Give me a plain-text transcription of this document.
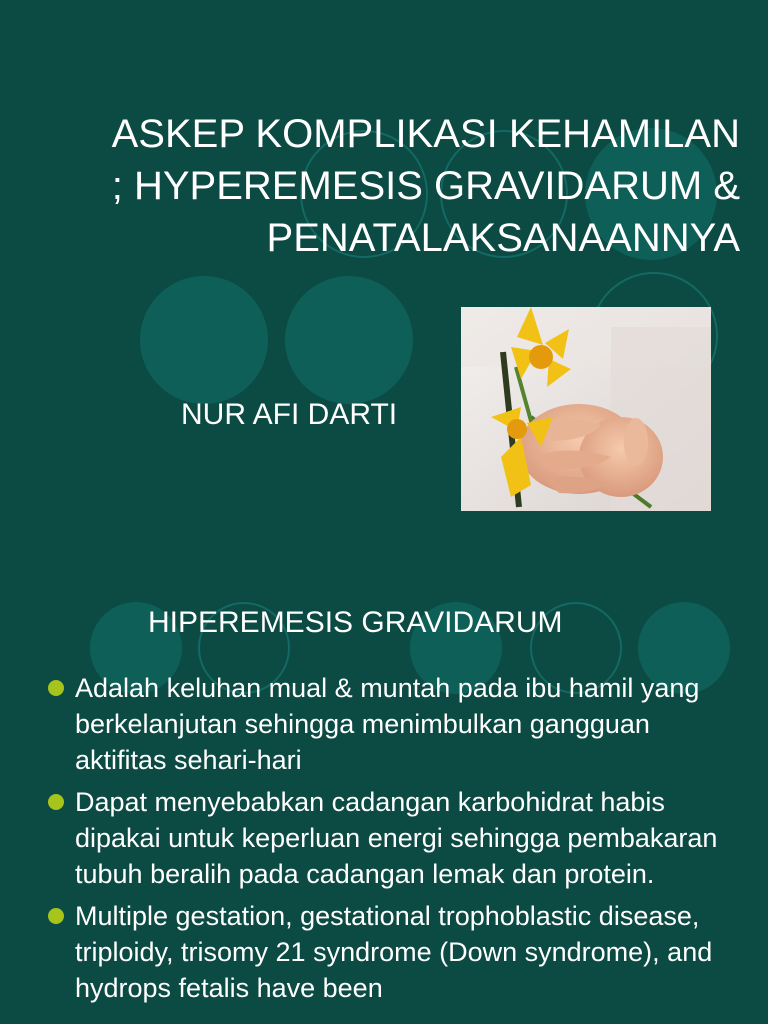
ASKEP KOMPLIKASI KEHAMILAN
; HYPEREMESIS GRAVIDARUM &
PENATALAKSANAANNYA
NUR AFI DARTI
HIPEREMESIS GRAVIDARUM
Adalah keluhan mual & muntah pada ibu hamil yang berkelanjutan sehingga menimbulkan gangguan aktifitas sehari-hari
Dapat menyebabkan cadangan karbohidrat habis dipakai untuk keperluan energi sehingga pembakaran tubuh beralih pada cadangan lemak dan protein.
Multiple gestation, gestational trophoblastic disease, triploidy, trisomy 21 syndrome (Down syndrome), and hydrops fetalis have been
